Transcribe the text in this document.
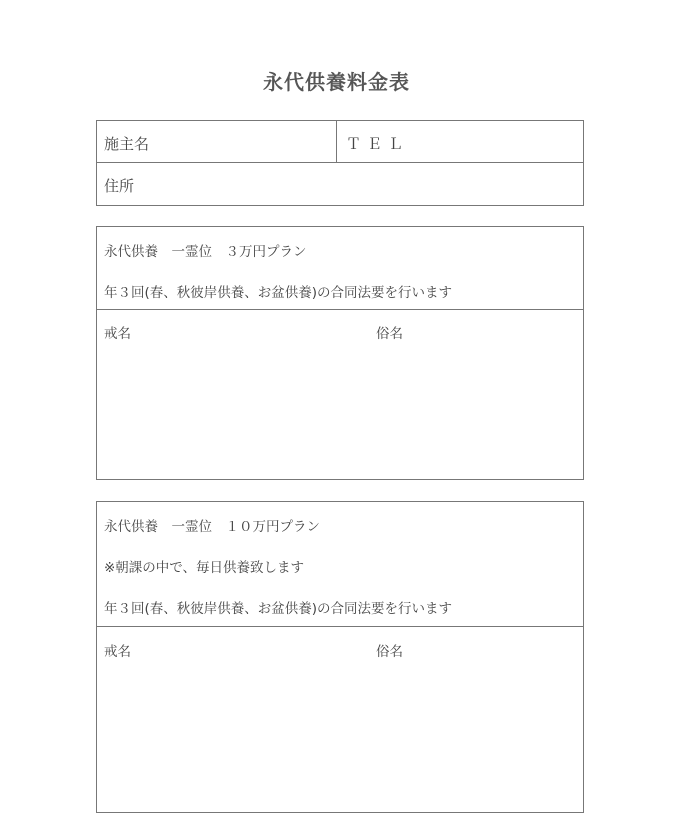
永代供養料金表
施主名	ＴＥＬ
住所
永代供養　一霊位　３万円プラン
年３回(春、秋彼岸供養、お盆供養)の合同法要を行います
戒名	俗名
永代供養　一霊位　１０万円プラン
※朝課の中で、毎日供養致します
年３回(春、秋彼岸供養、お盆供養)の合同法要を行います
戒名	俗名
